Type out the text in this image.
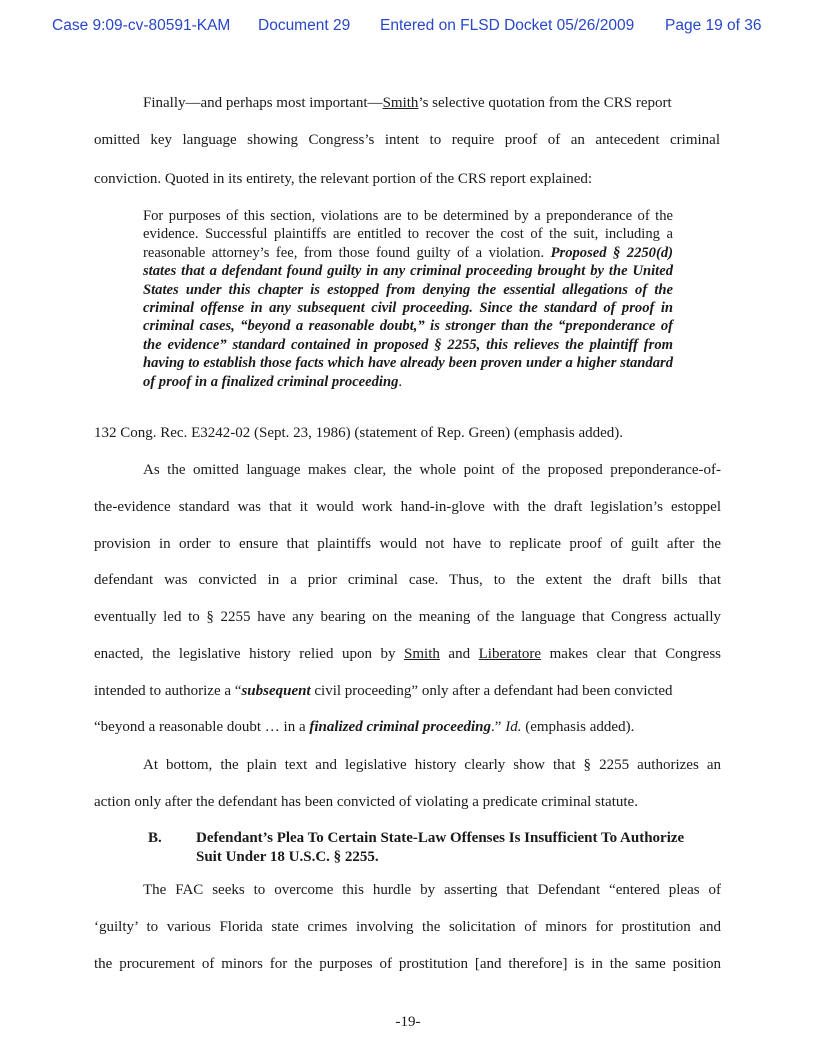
Case 9:09-cv-80591-KAM Document 29 Entered on FLSD Docket 05/26/2009 Page 19 of 36
Finally—and perhaps most important—Smith’s selective quotation from the CRS report
omitted key language showing Congress’s intent to require proof of an antecedent criminal
conviction. Quoted in its entirety, the relevant portion of the CRS report explained:
For purposes of this section, violations are to be determined by a preponderance of the evidence. Successful plaintiffs are entitled to recover the cost of the suit, including a reasonable attorney’s fee, from those found guilty of a violation. Proposed § 2250(d) states that a defendant found guilty in any criminal proceeding brought by the United States under this chapter is estopped from denying the essential allegations of the criminal offense in any subsequent civil proceeding. Since the standard of proof in criminal cases, “beyond a reasonable doubt,” is stronger than the “preponderance of the evidence” standard contained in proposed § 2255, this relieves the plaintiff from having to establish those facts which have already been proven under a higher standard of proof in a finalized criminal proceeding.
132 Cong. Rec. E3242-02 (Sept. 23, 1986) (statement of Rep. Green) (emphasis added).
As the omitted language makes clear, the whole point of the proposed preponderance-of-
the-evidence standard was that it would work hand-in-glove with the draft legislation’s estoppel
provision in order to ensure that plaintiffs would not have to replicate proof of guilt after the
defendant was convicted in a prior criminal case. Thus, to the extent the draft bills that
eventually led to § 2255 have any bearing on the meaning of the language that Congress actually
enacted, the legislative history relied upon by Smith and Liberatore makes clear that Congress
intended to authorize a “subsequent civil proceeding” only after a defendant had been convicted
“beyond a reasonable doubt … in a finalized criminal proceeding.” Id. (emphasis added).
At bottom, the plain text and legislative history clearly show that § 2255 authorizes an
action only after the defendant has been convicted of violating a predicate criminal statute.
B. Defendant’s Plea To Certain State-Law Offenses Is Insufficient To Authorize
Suit Under 18 U.S.C. § 2255.
The FAC seeks to overcome this hurdle by asserting that Defendant “entered pleas of
‘guilty’ to various Florida state crimes involving the solicitation of minors for prostitution and
the procurement of minors for the purposes of prostitution [and therefore] is in the same position
-19-
